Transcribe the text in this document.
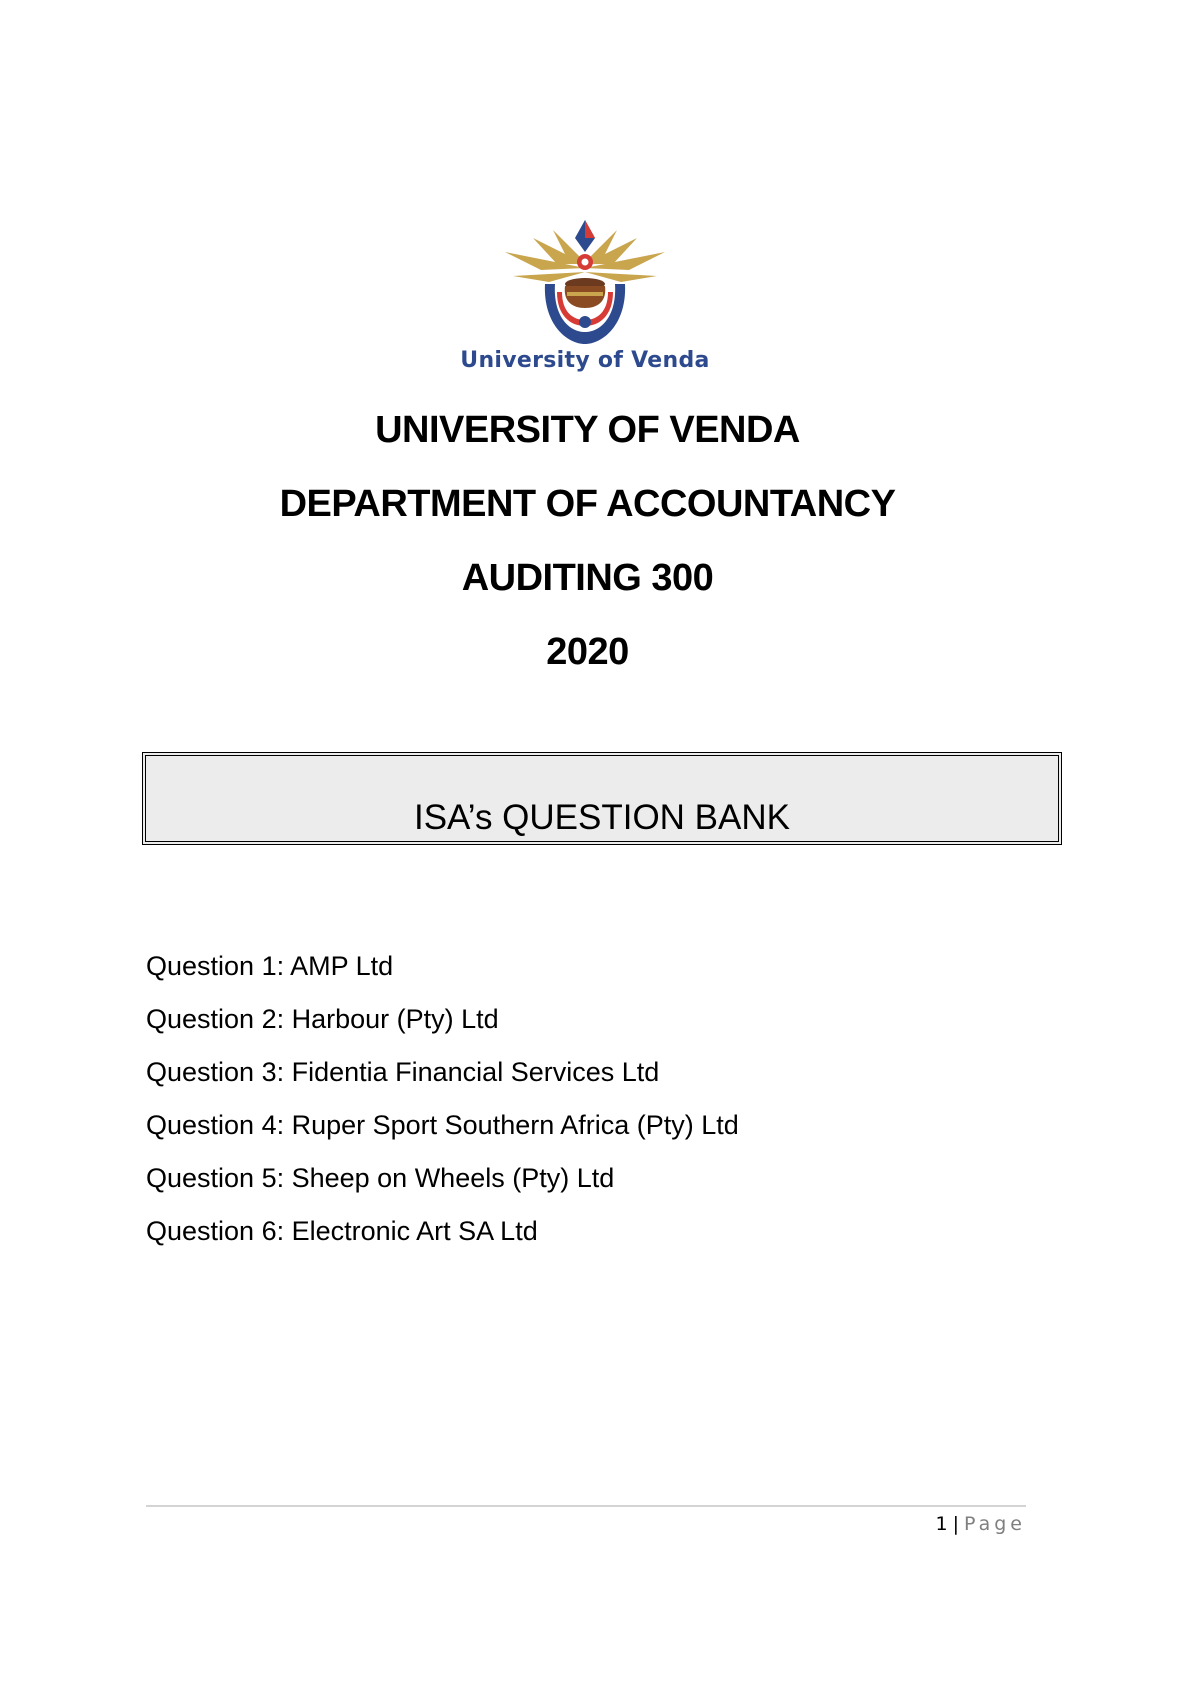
University of Venda
UNIVERSITY OF VENDA
DEPARTMENT OF ACCOUNTANCY
AUDITING 300
2020
ISA’s QUESTION BANK
Question 1: AMP Ltd
Question 2: Harbour (Pty) Ltd
Question 3: Fidentia Financial Services Ltd
Question 4: Ruper Sport Southern Africa (Pty) Ltd
Question 5: Sheep on Wheels (Pty) Ltd
Question 6: Electronic Art SA Ltd
1 | Page
